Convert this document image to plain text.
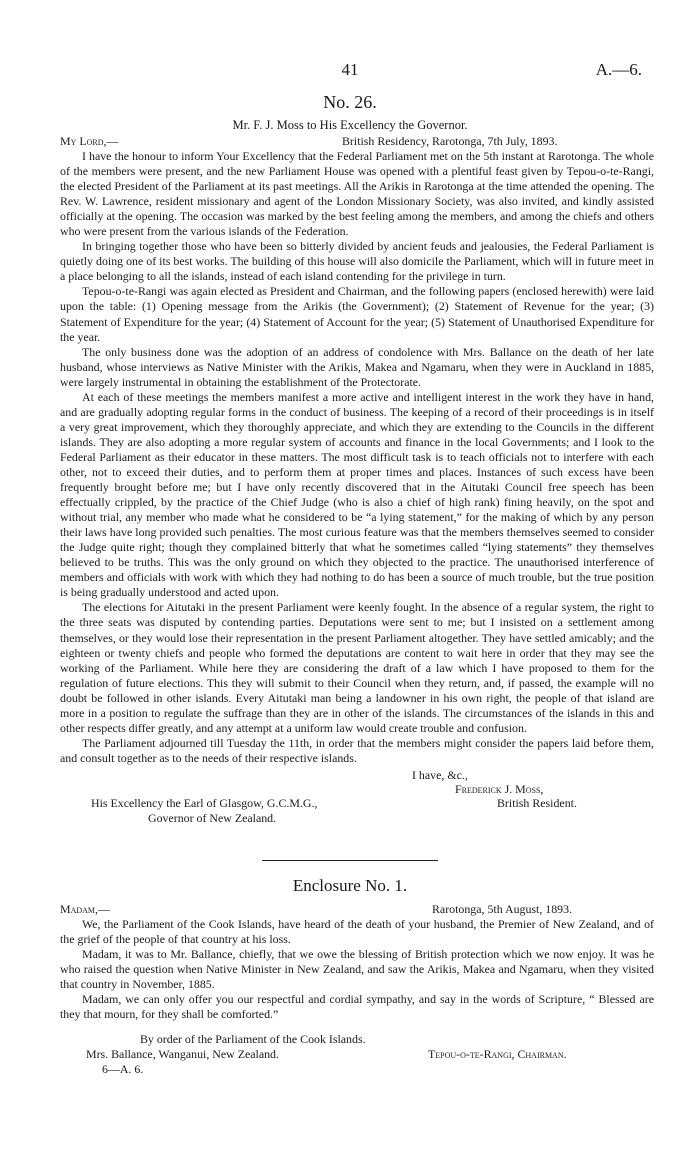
41	A.—6.
No. 26.
Mr. F. J. Moss to His Excellency the Governor.
My Lord,—	British Residency, Rarotonga, 7th July, 1893.

I have the honour to inform Your Excellency that the Federal Parliament met on the 5th instant at Rarotonga. The whole of the members were present, and the new Parliament House was opened with a plentiful feast given by Tepou-o-te-Rangi, the elected President of the Parliament at its past meetings. All the Arikis in Rarotonga at the time attended the opening. The Rev. W. Lawrence, resident missionary and agent of the London Missionary Society, was also invited, and kindly assisted officially at the opening. The occasion was marked by the best feeling among the members, and among the chiefs and others who were present from the various islands of the Federation.

In bringing together those who have been so bitterly divided by ancient feuds and jealousies, the Federal Parliament is quietly doing one of its best works. The building of this house will also domicile the Parliament, which will in future meet in a place belonging to all the islands, instead of each island contending for the privilege in turn.

Tepou-o-te-Rangi was again elected as President and Chairman, and the following papers (enclosed herewith) were laid upon the table: (1) Opening message from the Arikis (the Government); (2) Statement of Revenue for the year; (3) Statement of Expenditure for the year; (4) Statement of Account for the year; (5) Statement of Unauthorised Expenditure for the year.

The only business done was the adoption of an address of condolence with Mrs. Ballance on the death of her late husband, whose interviews as Native Minister with the Arikis, Makea and Ngamaru, when they were in Auckland in 1885, were largely instrumental in obtaining the establishment of the Protectorate.

At each of these meetings the members manifest a more active and intelligent interest in the work they have in hand, and are gradually adopting regular forms in the conduct of business. The keeping of a record of their proceedings is in itself a very great improvement, which they thoroughly appreciate, and which they are extending to the Councils in the different islands. They are also adopting a more regular system of accounts and finance in the local Governments; and I look to the Federal Parliament as their educator in these matters. The most difficult task is to teach officials not to interfere with each other, not to exceed their duties, and to perform them at proper times and places. Instances of such excess have been frequently brought before me; but I have only recently discovered that in the Aitutaki Council free speech has been effectually crippled, by the practice of the Chief Judge (who is also a chief of high rank) fining heavily, on the spot and without trial, any member who made what he considered to be “a lying statement,” for the making of which by any person their laws have long provided such penalties. The most curious feature was that the members themselves seemed to consider the Judge quite right; though they complained bitterly that what he sometimes called “lying statements” they themselves believed to be truths. This was the only ground on which they objected to the practice. The unauthorised interference of members and officials with work with which they had nothing to do has been a source of much trouble, but the true position is being gradually understood and acted upon.

The elections for Aitutaki in the present Parliament were keenly fought. In the absence of a regular system, the right to the three seats was disputed by contending parties. Deputations were sent to me; but I insisted on a settlement among themselves, or they would lose their representation in the present Parliament altogether. They have settled amicably; and the eighteen or twenty chiefs and people who formed the deputations are content to wait here in order that they may see the working of the Parliament. While here they are considering the draft of a law which I have proposed to them for the regulation of future elections. This they will submit to their Council when they return, and, if passed, the example will no doubt be followed in other islands. Every Aitutaki man being a landowner in his own right, the people of that island are more in a position to regulate the suffrage than they are in other of the islands. The circumstances of the islands in this and other respects differ greatly, and any attempt at a uniform law would create trouble and confusion.

The Parliament adjourned till Tuesday the 11th, in order that the members might consider the papers laid before them, and consult together as to the needs of their respective islands.

I have, &c.,
Frederick J. Moss,
His Excellency the Earl of Glasgow, G.C.M.G.,	British Resident.
Governor of New Zealand.
Enclosure No. 1.
Madam,—	Rarotonga, 5th August, 1893.

We, the Parliament of the Cook Islands, have heard of the death of your husband, the Premier of New Zealand, and of the grief of the people of that country at his loss.

Madam, it was to Mr. Ballance, chiefly, that we owe the blessing of British protection which we now enjoy. It was he who raised the question when Native Minister in New Zealand, and saw the Arikis, Makea and Ngamaru, when they visited that country in November, 1885.

Madam, we can only offer you our respectful and cordial sympathy, and say in the words of Scripture, “ Blessed are they that mourn, for they shall be comforted.”

By order of the Parliament of the Cook Islands.
Mrs. Ballance, Wanganui, New Zealand.	Tepou-o-te-Rangi, Chairman.
6—A. 6.
